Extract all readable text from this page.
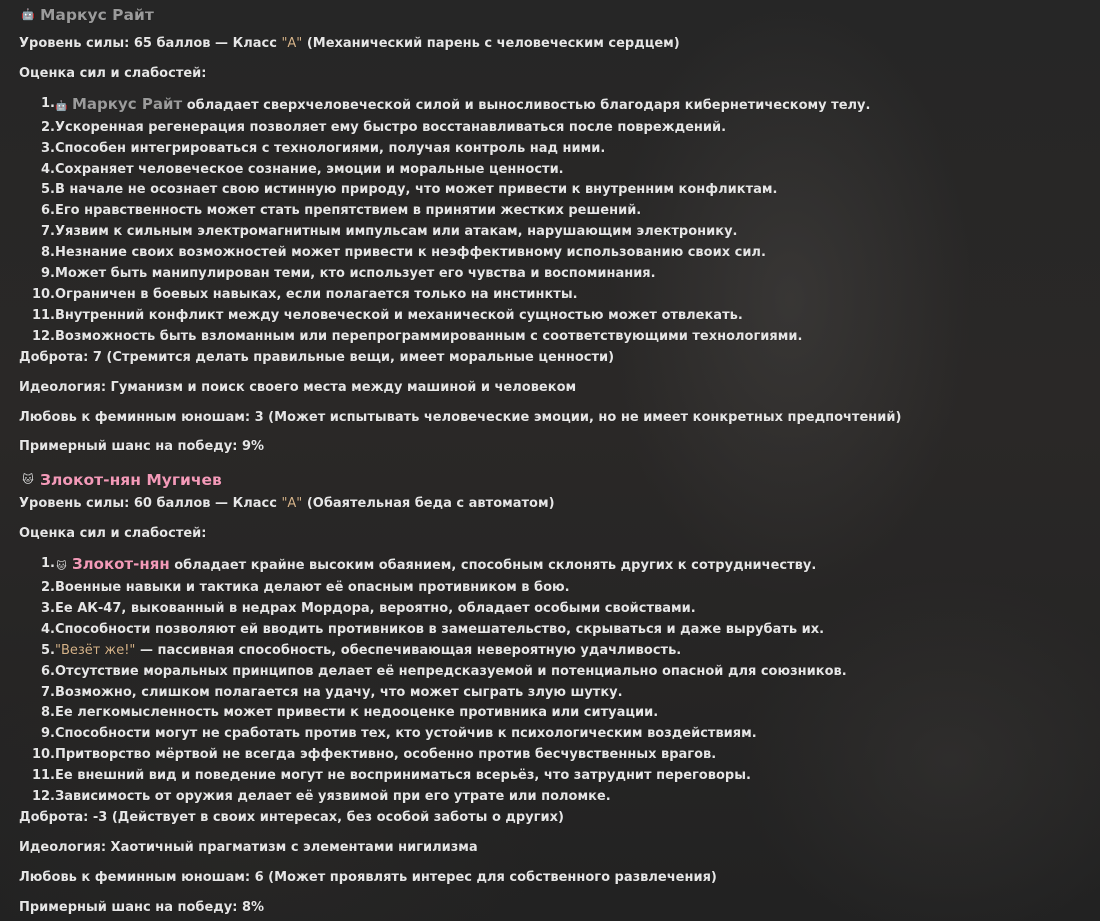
🤖 Маркус Райт

Уровень силы: 65 баллов — Класс "A" (Механический парень с человеческим сердцем)

Оценка сил и слабостей:

1. 🤖 Маркус Райт обладает сверхчеловеческой силой и выносливостью благодаря кибернетическому телу.
2. Ускоренная регенерация позволяет ему быстро восстанавливаться после повреждений.
3. Способен интегрироваться с технологиями, получая контроль над ними.
4. Сохраняет человеческое сознание, эмоции и моральные ценности.
5. В начале не осознает свою истинную природу, что может привести к внутренним конфликтам.
6. Его нравственность может стать препятствием в принятии жестких решений.
7. Уязвим к сильным электромагнитным импульсам или атакам, нарушающим электронику.
8. Незнание своих возможностей может привести к неэффективному использованию своих сил.
9. Может быть манипулирован теми, кто использует его чувства и воспоминания.
10. Ограничен в боевых навыках, если полагается только на инстинкты.
11. Внутренний конфликт между человеческой и механической сущностью может отвлекать.
12. Возможность быть взломанным или перепрограммированным с соответствующими технологиями.

Доброта: 7 (Стремится делать правильные вещи, имеет моральные ценности)

Идеология: Гуманизм и поиск своего места между машиной и человеком

Любовь к феминным юношам: 3 (Может испытывать человеческие эмоции, но не имеет конкретных предпочтений)

Примерный шанс на победу: 9%

🐱 Злокот-нян Мугичев

Уровень силы: 60 баллов — Класс "A" (Обаятельная беда с автоматом)

Оценка сил и слабостей:

1. 🐱 Злокот-нян обладает крайне высоким обаянием, способным склонять других к сотрудничеству.
2. Военные навыки и тактика делают её опасным противником в бою.
3. Ее АК-47, выкованный в недрах Мордора, вероятно, обладает особыми свойствами.
4. Способности позволяют ей вводить противников в замешательство, скрываться и даже вырубать их.
5. "Везёт же!" — пассивная способность, обеспечивающая невероятную удачливость.
6. Отсутствие моральных принципов делает её непредсказуемой и потенциально опасной для союзников.
7. Возможно, слишком полагается на удачу, что может сыграть злую шутку.
8. Ее легкомысленность может привести к недооценке противника или ситуации.
9. Способности могут не сработать против тех, кто устойчив к психологическим воздействиям.
10. Притворство мёртвой не всегда эффективно, особенно против бесчувственных врагов.
11. Ее внешний вид и поведение могут не восприниматься всерьёз, что затруднит переговоры.
12. Зависимость от оружия делает её уязвимой при его утрате или поломке.

Доброта: -3 (Действует в своих интересах, без особой заботы о других)

Идеология: Хаотичный прагматизм с элементами нигилизма

Любовь к феминным юношам: 6 (Может проявлять интерес для собственного развлечения)

Примерный шанс на победу: 8%
